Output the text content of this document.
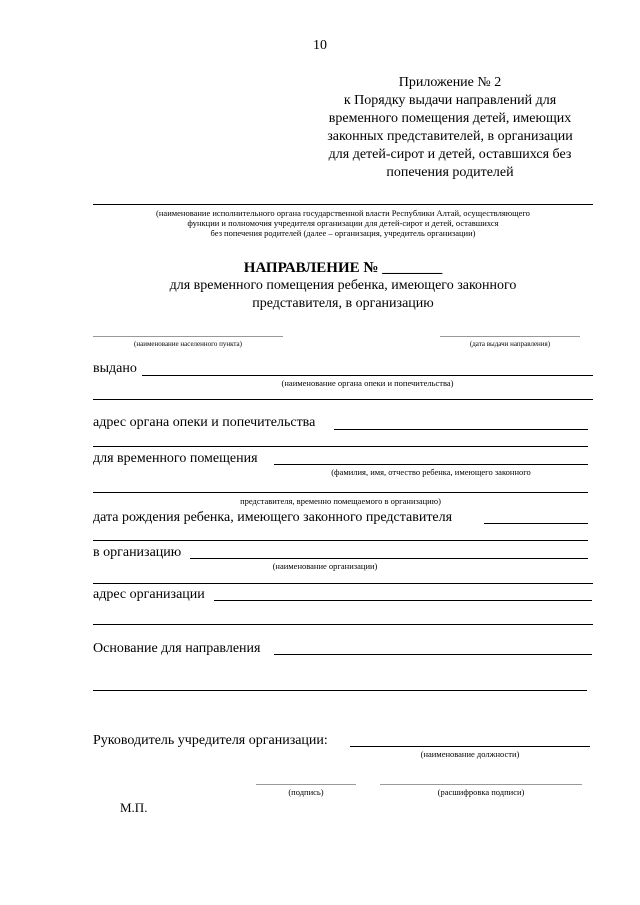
10
Приложение № 2
к Порядку выдачи направлений для
временного помещения детей, имеющих
законных представителей, в организации
для детей-сирот и детей, оставшихся без
попечения родителей
(наименование исполнительного органа государственной власти Республики Алтай, осуществляющего
функции и полномочия учредителя организации для детей-сирот и детей, оставшихся
без попечения родителей (далее – организация, учредитель организации)
НАПРАВЛЕНИЕ № ________
для временного помещения ребенка, имеющего законного
представителя, в организацию
(наименование населенного пункта)	(дата выдачи направления)
выдано
(наименование органа опеки и попечительства)
адрес органа опеки и попечительства
для временного помещения
(фамилия, имя, отчество ребенка, имеющего законного
представителя, временно помещаемого в организацию)
дата рождения ребенка, имеющего законного представителя
в организацию
(наименование организации)
адрес организации
Основание для направления
Руководитель учредителя организации:
(наименование должности)
(подпись)	(расшифровка подписи)
М.П.
